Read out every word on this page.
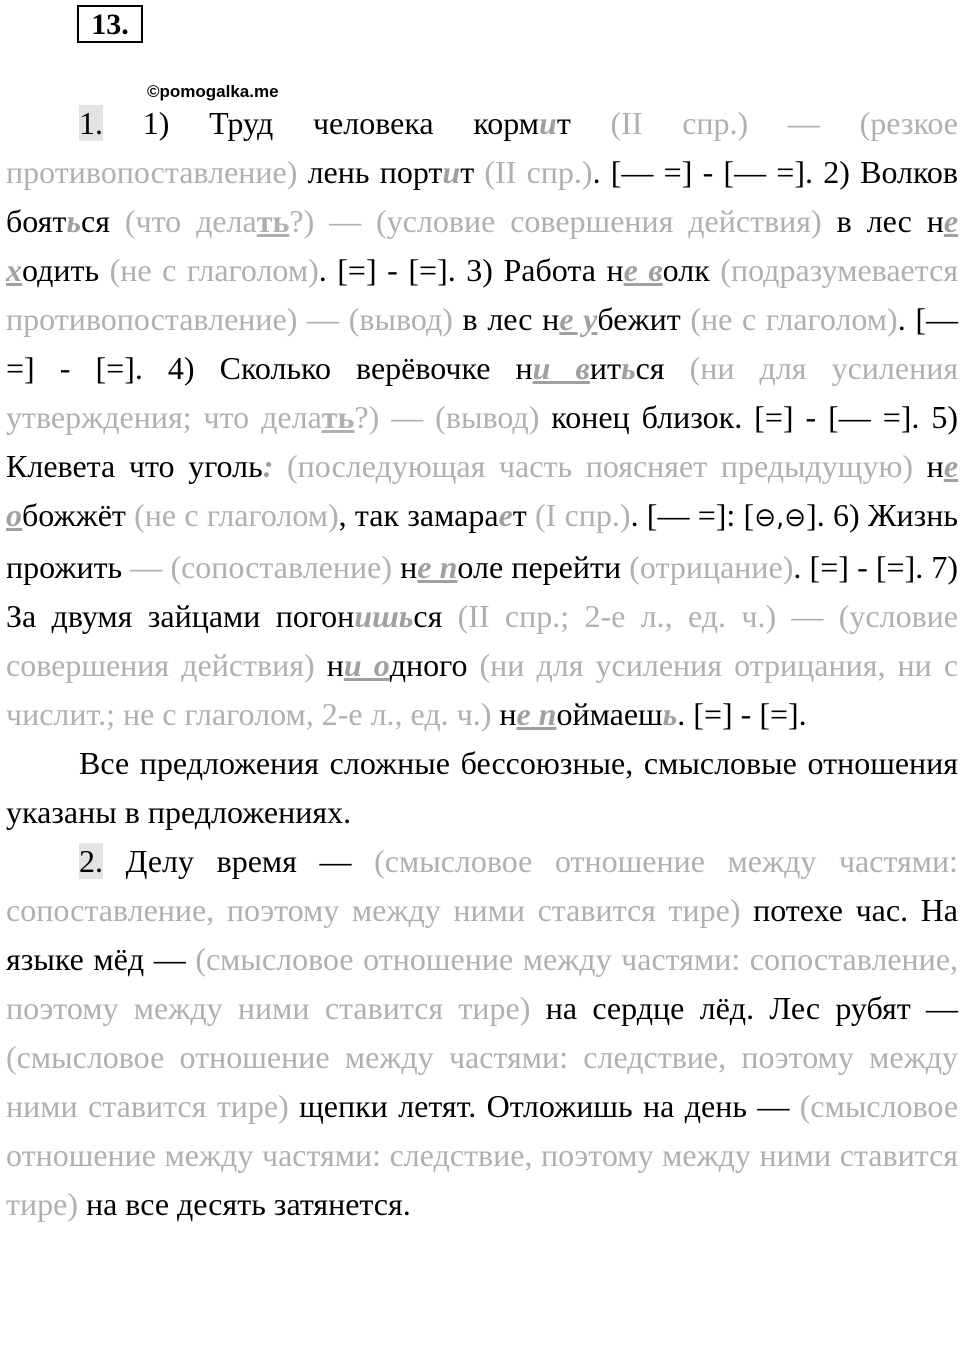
13.
©pomogalka.me

1. 1) Труд человека кормит (II спр.) — (резкое противопоставление) лень портит (II спр.). [— =] - [— =]. 2) Волков бояться (что делать?) — (условие совершения действия) в лес не ходить (не с глаголом). [=] - [=]. 3) Работа не волк (подразумевается противопоставление) — (вывод) в лес не убежит (не с глаголом). [— =] - [=]. 4) Сколько верёвочке ни виться (ни для усиления утверждения; что делать?) — (вывод) конец близок. [=] - [— =]. 5) Клевета что уголь: (последующая часть поясняет предыдущую) не обожжёт (не с глаголом), так замарает (I спр.). [— =]: [⊖,⊖]. 6) Жизнь прожить — (сопоставление) не поле перейти (отрицание). [=] - [=]. 7) За двумя зайцами погонишься (II спр.; 2-е л., ед. ч.) — (условие совершения действия) ни одного (ни для усиления отрицания, ни с числит.; не с глаголом, 2-е л., ед. ч.) не поймаешь. [=] - [=].

Все предложения сложные бессоюзные, смысловые отношения указаны в предложениях.

2. Делу время — (смысловое отношение между частями: сопоставление, поэтому между ними ставится тире) потехе час. На языке мёд — (смысловое отношение между частями: сопоставление, поэтому между ними ставится тире) на сердце лёд. Лес рубят — (смысловое отношение между частями: следствие, поэтому между ними ставится тире) щепки летят. Отложишь на день — (смысловое отношение между частями: следствие, поэтому между ними ставится тире) на все десять затянется.
